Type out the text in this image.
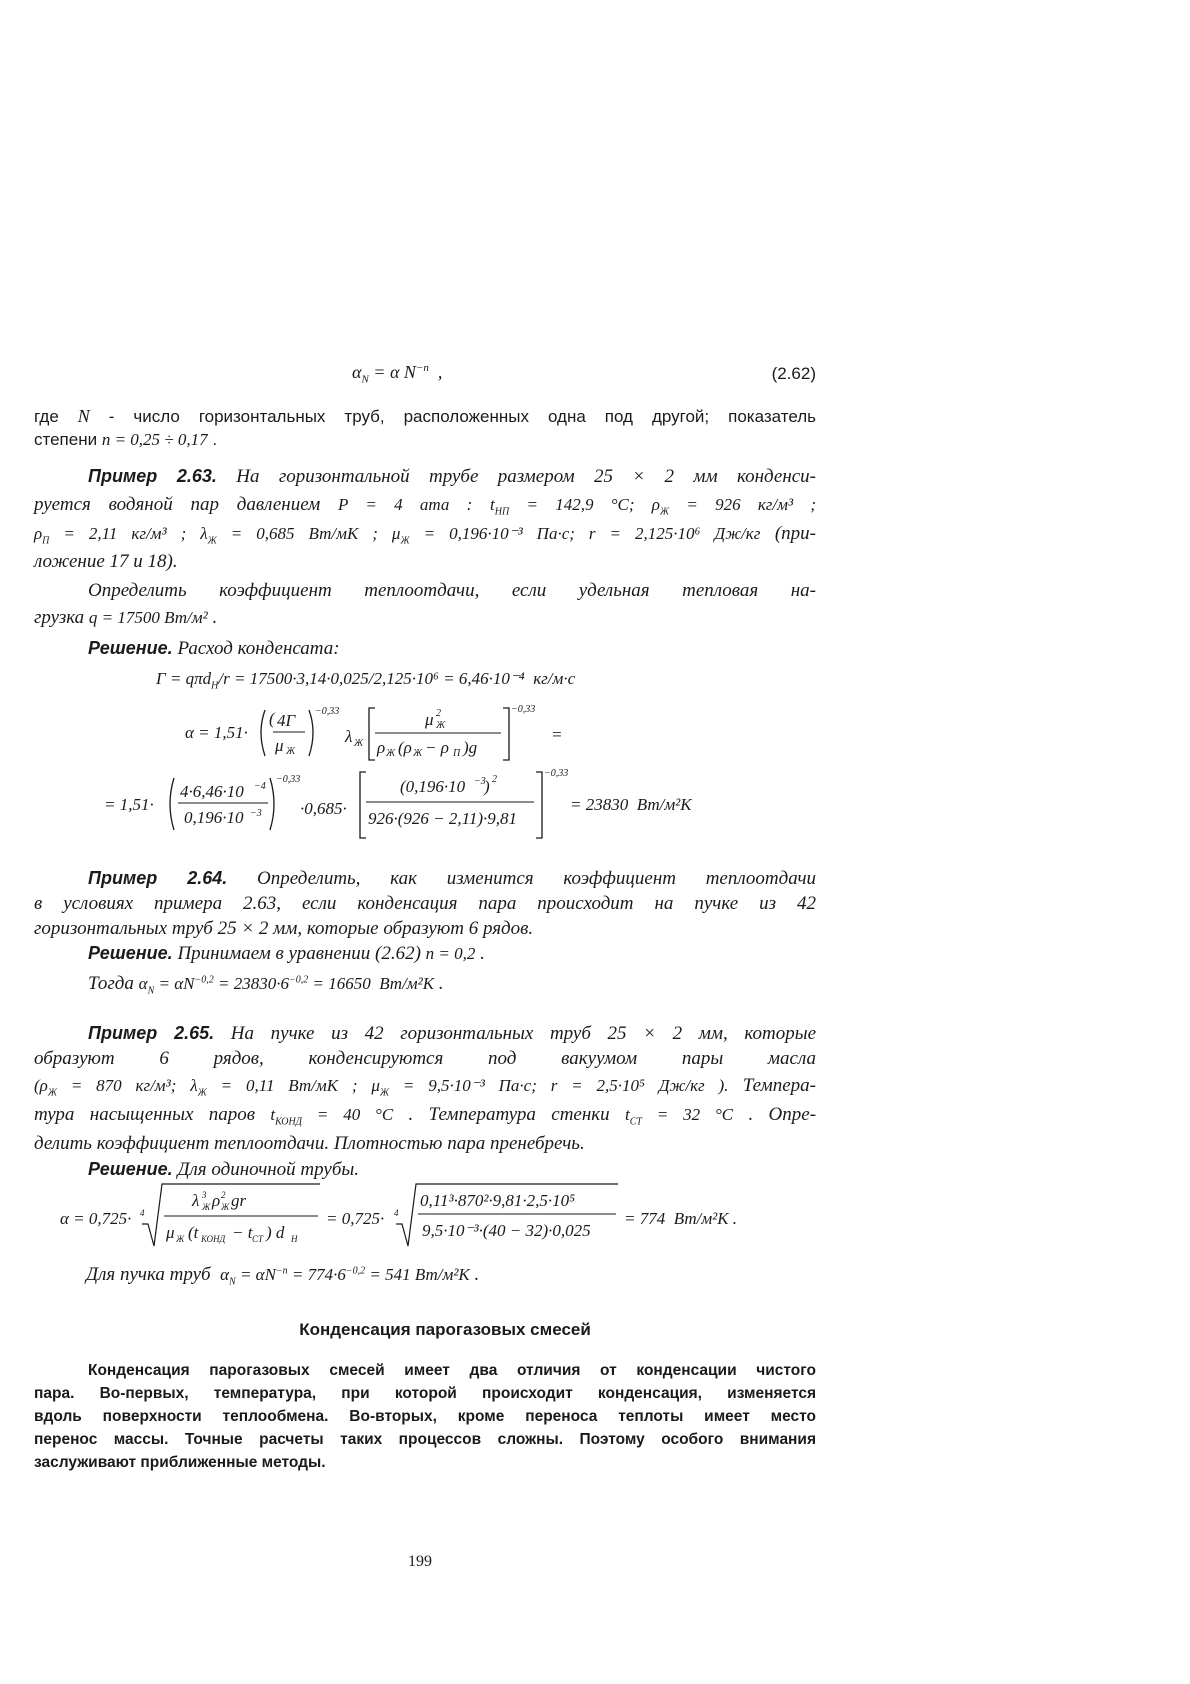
$\alpha_N = \alpha$ $N^{-n}$  ,	(2.62)
где N - число горизонтальных труб, расположенных одна под другой; показатель
степени n = 0,25 ÷ 0,17 .
Пример 2.63. На горизонтальной трубе размером 25 × 2 мм конденси-
руется водяной пар давлением P = 4 ата : $t_{НП} = 142,9$ °C; $\rho_Ж = 926$ кг/м³ ;
$\rho_П = 2,11$ кг/м³ ; $\lambda_Ж = 0,685$ Вт/мК ; $\mu_Ж = 0,196\cdot 10^{-3}$ Па·с; r = 2,125·10⁶ Дж/кг (при-
ложение 17 и 18).
Определить коэффициент теплоотдачи, если удельная тепловая на-
грузка q = 17500 Вт/м² .
Решение. Расход конденсата:
Γ = qπd$_Н$/r = 17500·3,14·0,025/2,125·10⁶ = 6,46·10⁻⁴  кг/м·с
α = 1,51·
( 4Γ
μ Ж
−0,33
λ Ж
μ Ж
2
ρ Ж (ρ Ж − ρ П )g
−0,33
=
= 1,51·
4·6,46·10 −4
0,196·10 −3
−0,33
·0,685·
(0,196·10 −3
) 2
926·(926 − 2,11)·9,81
−0,33
= 23830  Вт/м²К
Пример 2.64. Определить, как изменится коэффициент теплоотдачи
в условиях примера 2.63, если конденсация пара происходит на пучке из 42
горизонтальных труб 25 × 2 мм, которые образуют 6 рядов.
Решение. Принимаем в уравнении (2.62) n = 0,2 .
Тогда $\alpha_N = \alpha N^{-0,2} = 23830\cdot 6^{-0,2} = 16650$  Вт/м²К .
Пример 2.65. На пучке из 42 горизонтальных труб 25 × 2 мм, которые
образуют 6 рядов, конденсируются под вакуумом пары масла
($\rho_Ж = 870$ кг/м³; $\lambda_Ж = 0,11$ Вт/мК ; $\mu_Ж = 9,5\cdot 10^{-3}$ Па·с; r = 2,5·10⁵ Дж/кг ). Темпера-
тура насыщенных паров $t_{КОНД} = 40$ °C . Температура стенки $t_{СТ} = 32$ °C . Опре-
делить коэффициент теплоотдачи. Плотностью пара пренебречь.
Решение. Для одиночной трубы.
α = 0,725· 4
λ Ж
3 ρ Ж
2 gr
μ Ж (t КОНД − t СТ ) d Н
= 0,725· 4
0,11³·870²·9,81·2,5·10⁵
9,5·10⁻³·(40 − 32)·0,025
= 774  Вт/м²К .
Для пучка труб  $\alpha_N = \alpha N^{-n} = 774\cdot 6^{-0,2} = 541$ Вт/м²К .
Конденсация парогазовых смесей
Конденсация парогазовых смесей имеет два отличия от конденсации чистого
пара. Во-первых, температура, при которой происходит конденсация, изменяется
вдоль поверхности теплообмена. Во-вторых, кроме переноса теплоты имеет место
перенос массы. Точные расчеты таких процессов сложны. Поэтому особого внимания
заслуживают приближенные методы.
199
